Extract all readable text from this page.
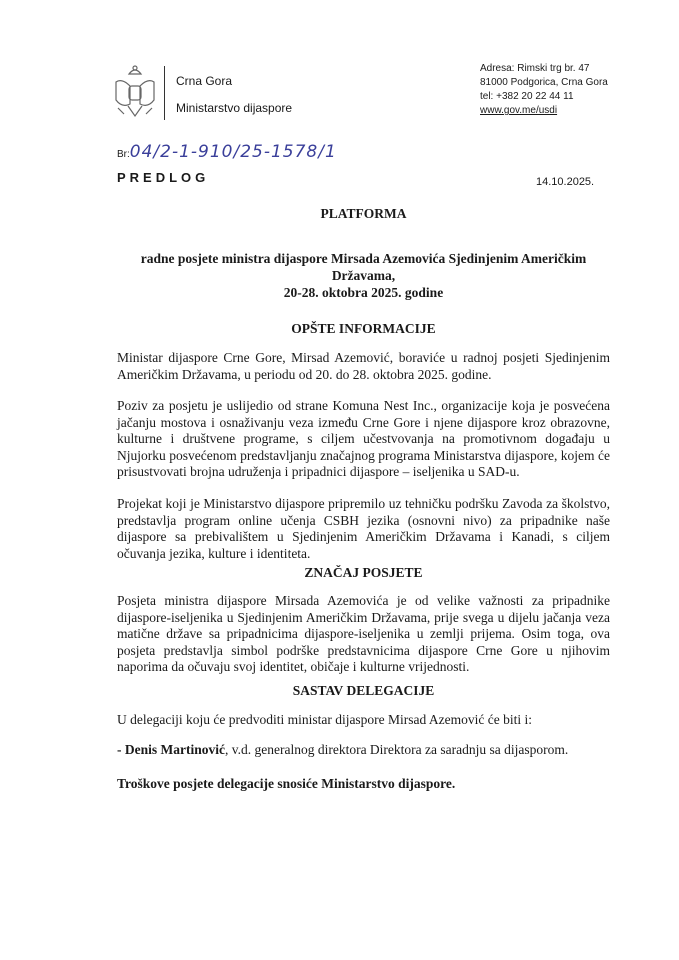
Crna Gora
Ministarstvo dijaspore
Adresa: Rimski trg br. 47
81000 Podgorica, Crna Gora
tel: +382 20 22 44 11
www.gov.me/usdi
Br:04/2-1-910/25-1578/1
PREDLOG	14.10.2025.
PLATFORMA
radne posjete ministra dijaspore Mirsada Azemovića Sjedinjenim Američkim Državama,
20-28. oktobra 2025. godine
OPŠTE INFORMACIJE
Ministar dijaspore Crne Gore, Mirsad Azemović, boraviće u radnoj posjeti Sjedinjenim Američkim Državama, u periodu od 20. do 28. oktobra 2025. godine.
Poziv za posjetu je uslijedio od strane Komuna Nest Inc., organizacije koja je posvećena jačanju mostova i osnaživanju veza između Crne Gore i njene dijaspore kroz obrazovne, kulturne i društvene programe, s ciljem učestvovanja na promotivnom događaju u Njujorku posvećenom predstavljanju značajnog programa Ministarstva dijaspore, kojem će prisustvovati brojna udruženja i pripadnici dijaspore – iseljenika u SAD-u.
Projekat koji je Ministarstvo dijaspore pripremilo uz tehničku podršku Zavoda za školstvo, predstavlja program online učenja CSBH jezika (osnovni nivo) za pripadnike naše dijaspore sa prebivalištem u Sjedinjenim Američkim Državama i Kanadi, s ciljem očuvanja jezika, kulture i identiteta.
ZNAČAJ POSJETE
Posjeta ministra dijaspore Mirsada Azemovića je od velike važnosti za pripadnike dijaspore-iseljenika u Sjedinjenim Američkim Državama, prije svega u dijelu jačanja veza matične države sa pripadnicima dijaspore-iseljenika u zemlji prijema. Osim toga, ova posjeta predstavlja simbol podrške predstavnicima dijaspore Crne Gore u njihovim naporima da očuvaju svoj identitet, običaje i kulturne vrijednosti.
SASTAV DELEGACIJE
U delegaciji koju će predvoditi ministar dijaspore Mirsad Azemović će biti i:
- Denis Martinović, v.d. generalnog direktora Direktora za saradnju sa dijasporom.
Troškove posjete delegacije snosiće Ministarstvo dijaspore.
